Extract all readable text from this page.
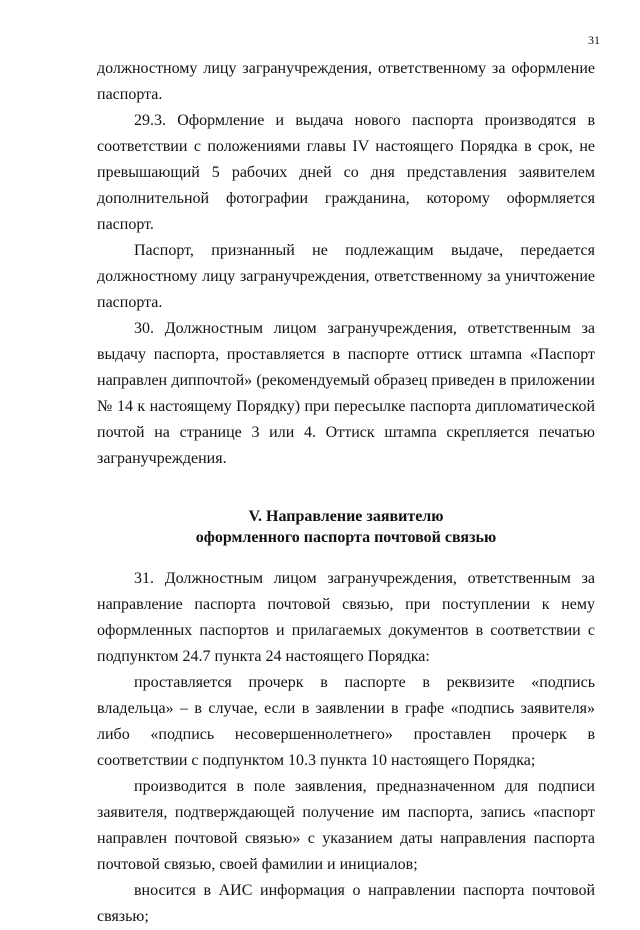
31

должностному лицу загранучреждения, ответственному за оформление паспорта.

29.3. Оформление и выдача нового паспорта производятся в соответствии с положениями главы IV настоящего Порядка в срок, не превышающий 5 рабочих дней со дня представления заявителем дополнительной фотографии гражданина, которому оформляется паспорт.

Паспорт, признанный не подлежащим выдаче, передается должностному лицу загранучреждения, ответственному за уничтожение паспорта.

30. Должностным лицом загранучреждения, ответственным за выдачу паспорта, проставляется в паспорте оттиск штампа «Паспорт направлен диппочтой» (рекомендуемый образец приведен в приложении № 14 к настоящему Порядку) при пересылке паспорта дипломатической почтой на странице 3 или 4. Оттиск штампа скрепляется печатью загранучреждения.

V. Направление заявителю
оформленного паспорта почтовой связью

31. Должностным лицом загранучреждения, ответственным за направление паспорта почтовой связью, при поступлении к нему оформленных паспортов и прилагаемых документов в соответствии с подпунктом 24.7 пункта 24 настоящего Порядка:

проставляется прочерк в паспорте в реквизите «подпись владельца» – в случае, если в заявлении в графе «подпись заявителя» либо «подпись несовершеннолетнего» проставлен прочерк в соответствии с подпунктом 10.3 пункта 10 настоящего Порядка;

производится в поле заявления, предназначенном для подписи заявителя, подтверждающей получение им паспорта, запись «паспорт направлен почтовой связью» с указанием даты направления паспорта почтовой связью, своей фамилии и инициалов;

вносится в АИС информация о направлении паспорта почтовой связью;
